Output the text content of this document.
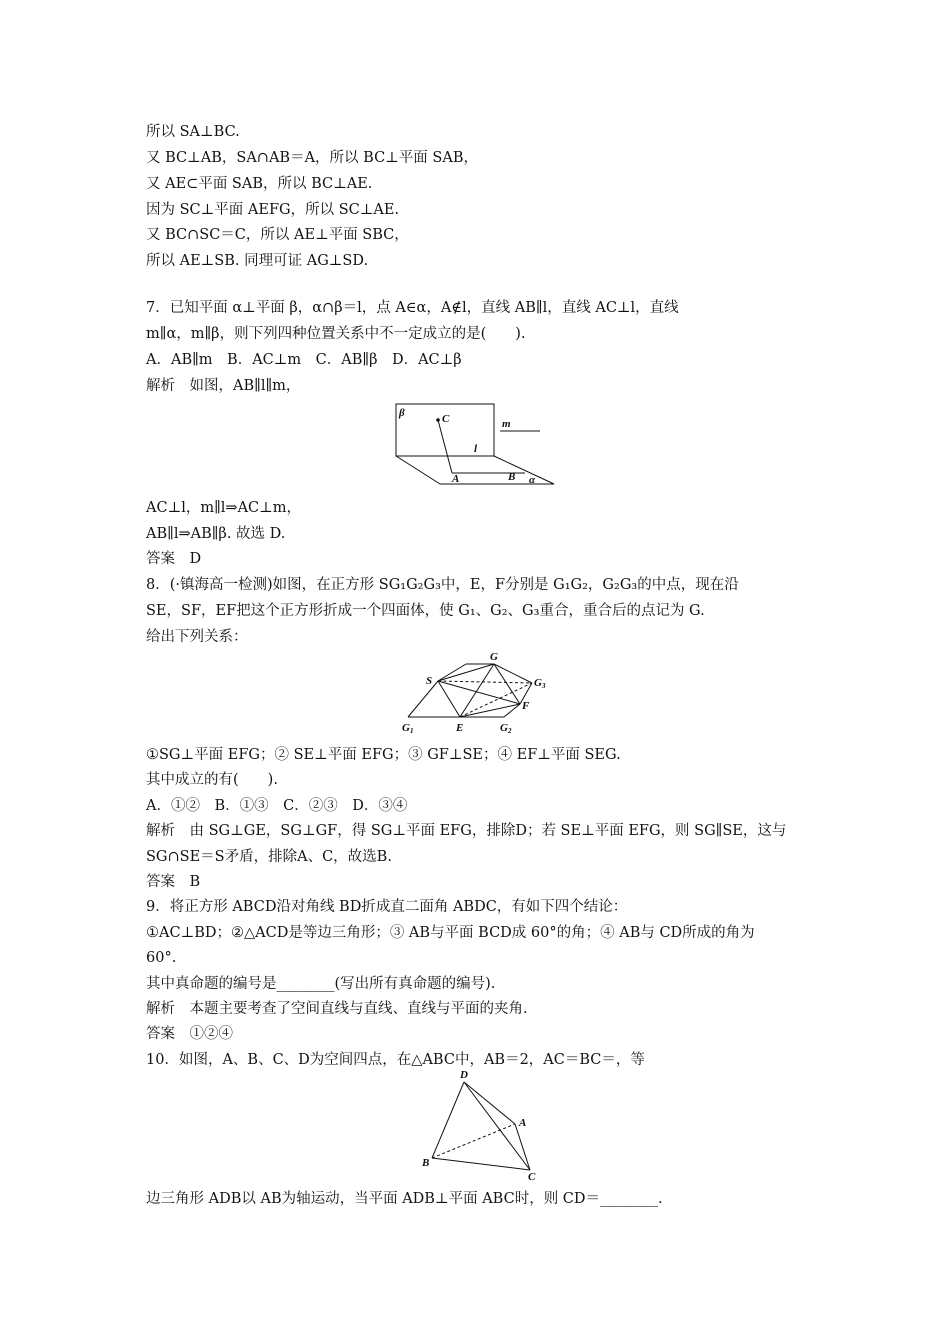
所以 SA⊥BC.
又 BC⊥AB，SA∩AB＝A，所以 BC⊥平面 SAB，
又 AE⊂平面 SAB，所以 BC⊥AE.
因为 SC⊥平面 AEFG，所以 SC⊥AE.
又 BC∩SC＝C，所以 AE⊥平面 SBC，
所以 AE⊥SB. 同理可证 AG⊥SD.
7．已知平面 α⊥平面 β，α∩β＝l，点 A∈α，A∉l，直线 AB∥l，直线 AC⊥l，直线
m∥α，m∥β，则下列四种位置关系中不一定成立的是(　　).
A．AB∥m　B．AC⊥m　C．AB∥β　D．AC⊥β
解析　如图，AB∥l∥m，
β	C	m
l
A	B α
AC⊥l，m∥l⇒AC⊥m，
AB∥l⇒AB∥β. 故选 D.
答案　D
8．(·镇海高一检测)如图，在正方形 SG₁G₂G₃中，E，F分别是 G₁G₂，G₂G₃的中点，现在沿
SE，SF，EF把这个正方形折成一个四面体，使 G₁、G₂、G₃重合，重合后的点记为 G.
给出下列关系：
G
S	G 3
F
G 1	E	G 2
①SG⊥平面 EFG；② SE⊥平面 EFG；③ GF⊥SE；④ EF⊥平面 SEG.
其中成立的有(　　).
A．①②　B．①③　C．②③　D．③④
解析　由 SG⊥GE，SG⊥GF，得 SG⊥平面 EFG，排除D；若 SE⊥平面 EFG，则 SG∥SE，这与
SG∩SE＝S矛盾，排除A、C，故选B.
答案　B
9．将正方形 ABCD沿对角线 BD折成直二面角 ABDC，有如下四个结论：
①AC⊥BD；②△ACD是等边三角形；③ AB与平面 BCD成 60°的角；④ AB与 CD所成的角为
60°.
其中真命题的编号是________(写出所有真命题的编号).
解析　本题主要考查了空间直线与直线、直线与平面的夹角.
答案　①②④
10．如图，A、B、C、D为空间四点，在△ABC中，AB＝2，AC＝BC＝，等
D
A
B
C
边三角形 ADB以 AB为轴运动，当平面 ADB⊥平面 ABC时，则 CD＝________.
